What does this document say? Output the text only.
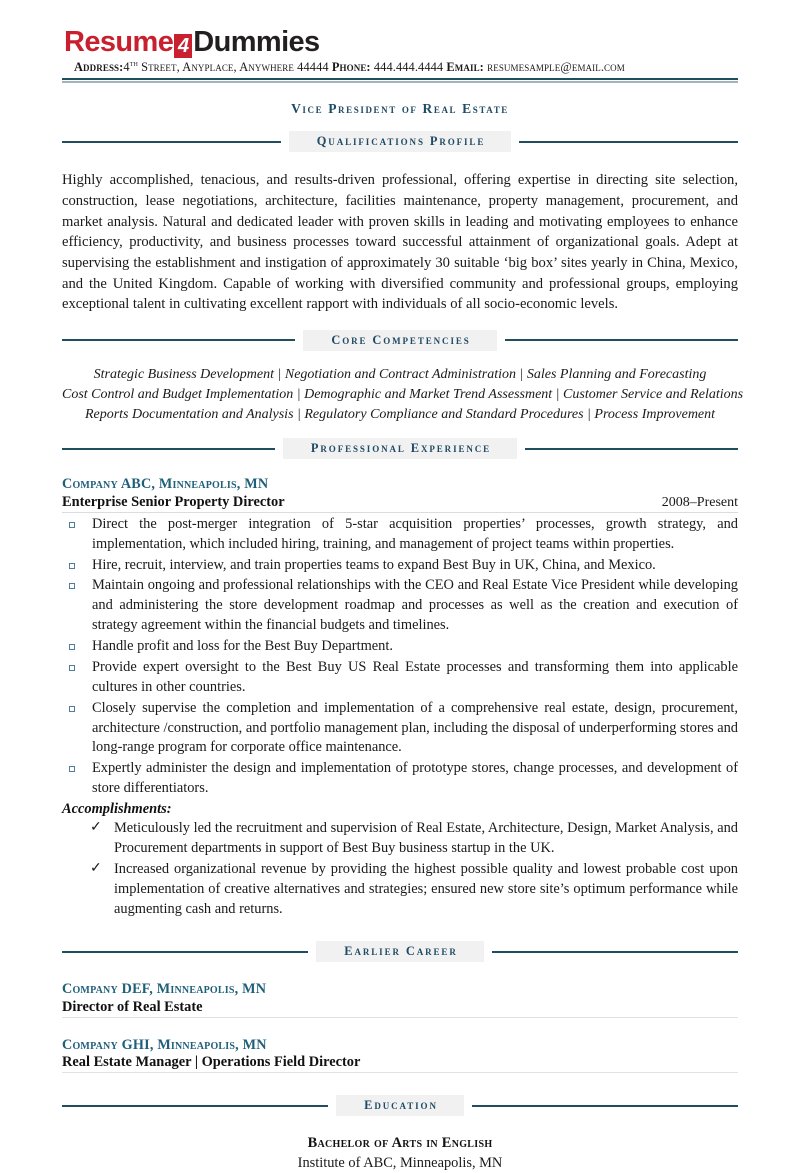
Resume 4 Dummies
Address:4th Street, Anyplace, Anywhere 44444 Phone: 444.444.4444 Email: resumesample@email.com
Vice President of Real Estate
Qualifications Profile

Highly accomplished, tenacious, and results-driven professional, offering expertise in directing site selection, construction, lease negotiations, architecture, facilities maintenance, property management, procurement, and market analysis. Natural and dedicated leader with proven skills in leading and motivating employees to enhance efficiency, productivity, and business processes toward successful attainment of organizational goals. Adept at supervising the establishment and instigation of approximately 30 suitable ‘big box’ sites yearly in China, Mexico, and the United Kingdom. Capable of working with diversified community and professional groups, employing exceptional talent in cultivating excellent rapport with individuals of all socio-economic levels.

Core Competencies
Strategic Business Development | Negotiation and Contract Administration | Sales Planning and Forecasting
Cost Control and Budget Implementation | Demographic and Market Trend Assessment | Customer Service and Relations
Reports Documentation and Analysis | Regulatory Compliance and Standard Procedures | Process Improvement
Professional Experience
Company ABC, Minneapolis, MN
Enterprise Senior Property Director	2008–Present
Direct the post-merger integration of 5-star acquisition properties’ processes, growth strategy, and implementation, which included hiring, training, and management of project teams within properties.
Hire, recruit, interview, and train properties teams to expand Best Buy in UK, China, and Mexico.
Maintain ongoing and professional relationships with the CEO and Real Estate Vice President while developing and administering the store development roadmap and processes as well as the creation and execution of strategy agreement within the financial budgets and timelines.
Handle profit and loss for the Best Buy Department.
Provide expert oversight to the Best Buy US Real Estate processes and transforming them into applicable cultures in other countries.
Closely supervise the completion and implementation of a comprehensive real estate, design, procurement, architecture /construction, and portfolio management plan, including the disposal of underperforming stores and long-range program for corporate office maintenance.
Expertly administer the design and implementation of prototype stores, change processes, and development of store differentiators.
Accomplishments:
✓ Meticulously led the recruitment and supervision of Real Estate, Architecture, Design, Market Analysis, and Procurement departments in support of Best Buy business startup in the UK.
✓ Increased organizational revenue by providing the highest possible quality and lowest probable cost upon implementation of creative alternatives and strategies; ensured new store site’s optimum performance while augmenting cash and returns.
Earlier Career
Company DEF, Minneapolis, MN
Director of Real Estate
Company GHI, Minneapolis, MN
Real Estate Manager | Operations Field Director
Education
Bachelor of Arts in English
Institute of ABC, Minneapolis, MN
